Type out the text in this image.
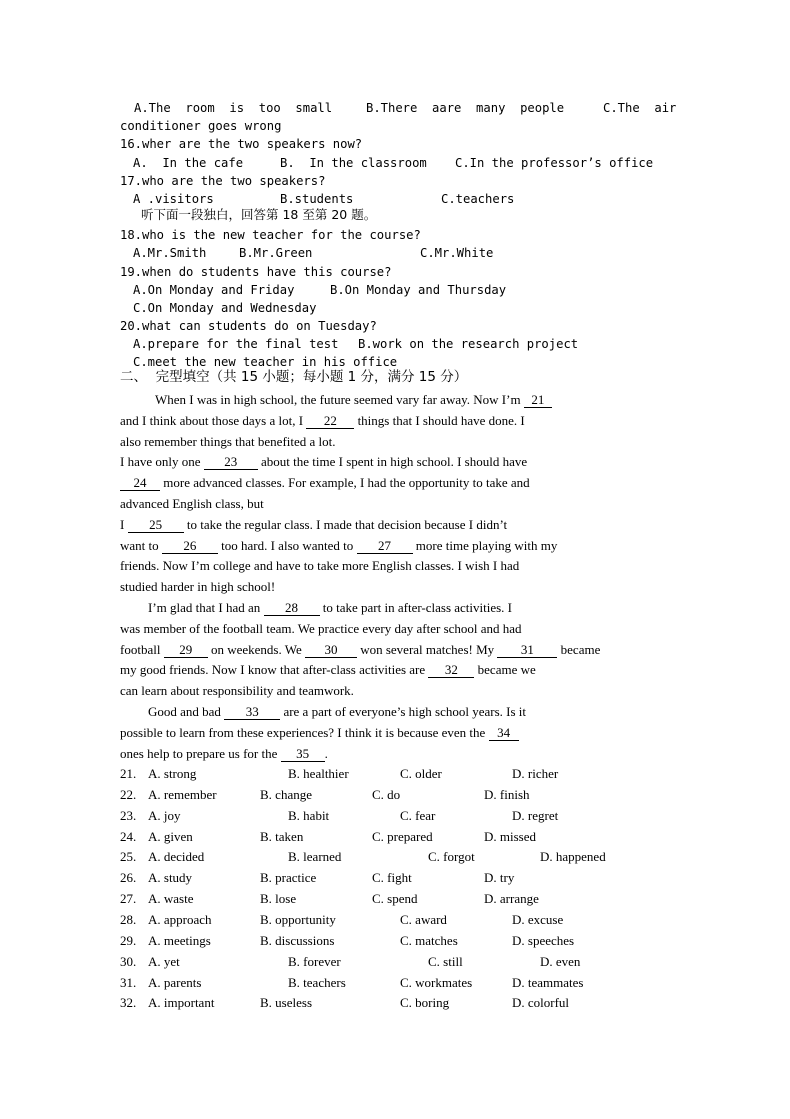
A.The  room  is  too  small	B.There  aare  many  people	C.The  air
conditioner goes wrong
16.wher are the two speakers now?
A.  In the cafe	B.  In the classroom C.In the professor’s office
17.who are the two speakers?
A .visitors	B.students	C.teachers
听下面一段独白，回答第 18 至第 20 题。
18.who is the new teacher for the course?
A.Mr.Smith	B.Mr.Green	C.Mr.White
19.when do students have this course?
A.On Monday and Friday	B.On Monday and Thursday
C.On Monday and Wednesday
20.what can students do on Tuesday?
A.prepare for the final test B.work on the research project
C.meet the new teacher in his office
二、  完型填空（共 15 小题；每小题 1 分，满分 15 分）
When I was in high school, the future seemed vary far away. Now I’m 21
and I think about those days a lot, I 22 things that I should have done. I
also remember things that benefited a lot.
I have only one 23 about the time I spent in high school. I should have
24 more advanced classes. For example, I had the opportunity to take and
advanced English class, but
I 25 to take the regular class. I made that decision because I didn’t
want to 26 too hard. I also wanted to 27 more time playing with my
friends. Now I’m college and have to take more English classes. I wish I had
studied harder in high school!
I’m glad that I had an 28 to take part in after-class activities. I
was member of the football team. We practice every day after school and had
football 29 on weekends. We 30 won several matches! My 31 became
my good friends. Now I know that after-class activities are 32 became we
can learn about responsibility and teamwork.
Good and bad 33 are a part of everyone’s high school years. Is it
possible to learn from these experiences? I think it is because even the 34
ones help to prepare us for the 35 .
21. A. strong	B. healthier	C. older	D. richer
22. A. remember	B. change	C. do	D. finish
23. A. joy	B. habit	C. fear	D. regret
24. A. given	B. taken	C. prepared	D. missed
25. A. decided	B. learned	C. forgot	D. happened
26. A. study	B. practice	C. fight	D. try
27. A. waste	B. lose	C. spend	D. arrange
28. A. approach	B. opportunity	C. award	D. excuse
29. A. meetings	B. discussions	C. matches	D. speeches
30. A. yet	B. forever	C. still	D. even
31. A. parents	B. teachers	C. workmates	D. teammates
32. A. important	B. useless	C. boring	D. colorful
